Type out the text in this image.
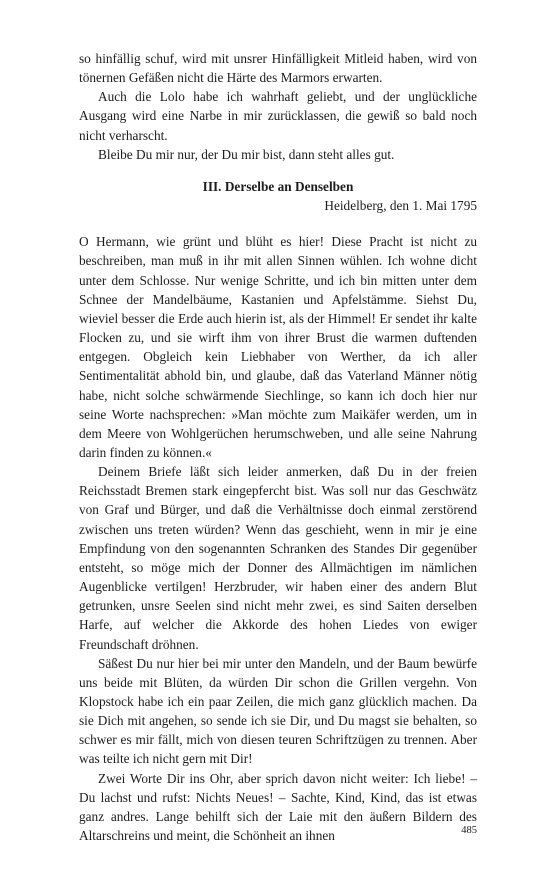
so hinfällig schuf, wird mit unsrer Hinfälligkeit Mitleid haben, wird von tönernen Gefäßen nicht die Härte des Marmors erwarten.

Auch die Lolo habe ich wahrhaft geliebt, und der unglückliche Ausgang wird eine Narbe in mir zurücklassen, die gewiß so bald noch nicht verharscht.

Bleibe Du mir nur, der Du mir bist, dann steht alles gut.

III. Derselbe an Denselben

Heidelberg, den 1. Mai 1795

O Hermann, wie grünt und blüht es hier! Diese Pracht ist nicht zu beschreiben, man muß in ihr mit allen Sinnen wühlen. Ich wohne dicht unter dem Schlosse. Nur wenige Schritte, und ich bin mitten unter dem Schnee der Mandelbäume, Kastanien und Apfelstämme. Siehst Du, wieviel besser die Erde auch hierin ist, als der Himmel! Er sendet ihr kalte Flocken zu, und sie wirft ihm von ihrer Brust die warmen duftenden entgegen. Obgleich kein Liebhaber von Werther, da ich aller Sentimentalität abhold bin, und glaube, daß das Vaterland Männer nötig habe, nicht solche schwärmende Siechlinge, so kann ich doch hier nur seine Worte nachsprechen: »Man möchte zum Maikäfer werden, um in dem Meere von Wohlgerüchen herumschweben, und alle seine Nahrung darin finden zu können.«

Deinem Briefe läßt sich leider anmerken, daß Du in der freien Reichsstadt Bremen stark eingepfercht bist. Was soll nur das Geschwätz von Graf und Bürger, und daß die Verhältnisse doch einmal zerstörend zwischen uns treten würden? Wenn das geschieht, wenn in mir je eine Empfindung von den sogenannten Schranken des Standes Dir gegenüber entsteht, so möge mich der Donner des Allmächtigen im nämlichen Augenblicke vertilgen! Herzbruder, wir haben einer des andern Blut getrunken, unsre Seelen sind nicht mehr zwei, es sind Saiten derselben Harfe, auf welcher die Akkorde des hohen Liedes von ewiger Freundschaft dröhnen.

Säßest Du nur hier bei mir unter den Mandeln, und der Baum bewürfe uns beide mit Blüten, da würden Dir schon die Grillen vergehn. Von Klopstock habe ich ein paar Zeilen, die mich ganz glücklich machen. Da sie Dich mit angehen, so sende ich sie Dir, und Du magst sie behalten, so schwer es mir fällt, mich von diesen teuren Schriftzügen zu trennen. Aber was teilte ich nicht gern mit Dir!

Zwei Worte Dir ins Ohr, aber sprich davon nicht weiter: Ich liebe! – Du lachst und rufst: Nichts Neues! – Sachte, Kind, Kind, das ist etwas ganz andres. Lange behilft sich der Laie mit den äußern Bildern des Altarschreins und meint, die Schönheit an ihnen	485
